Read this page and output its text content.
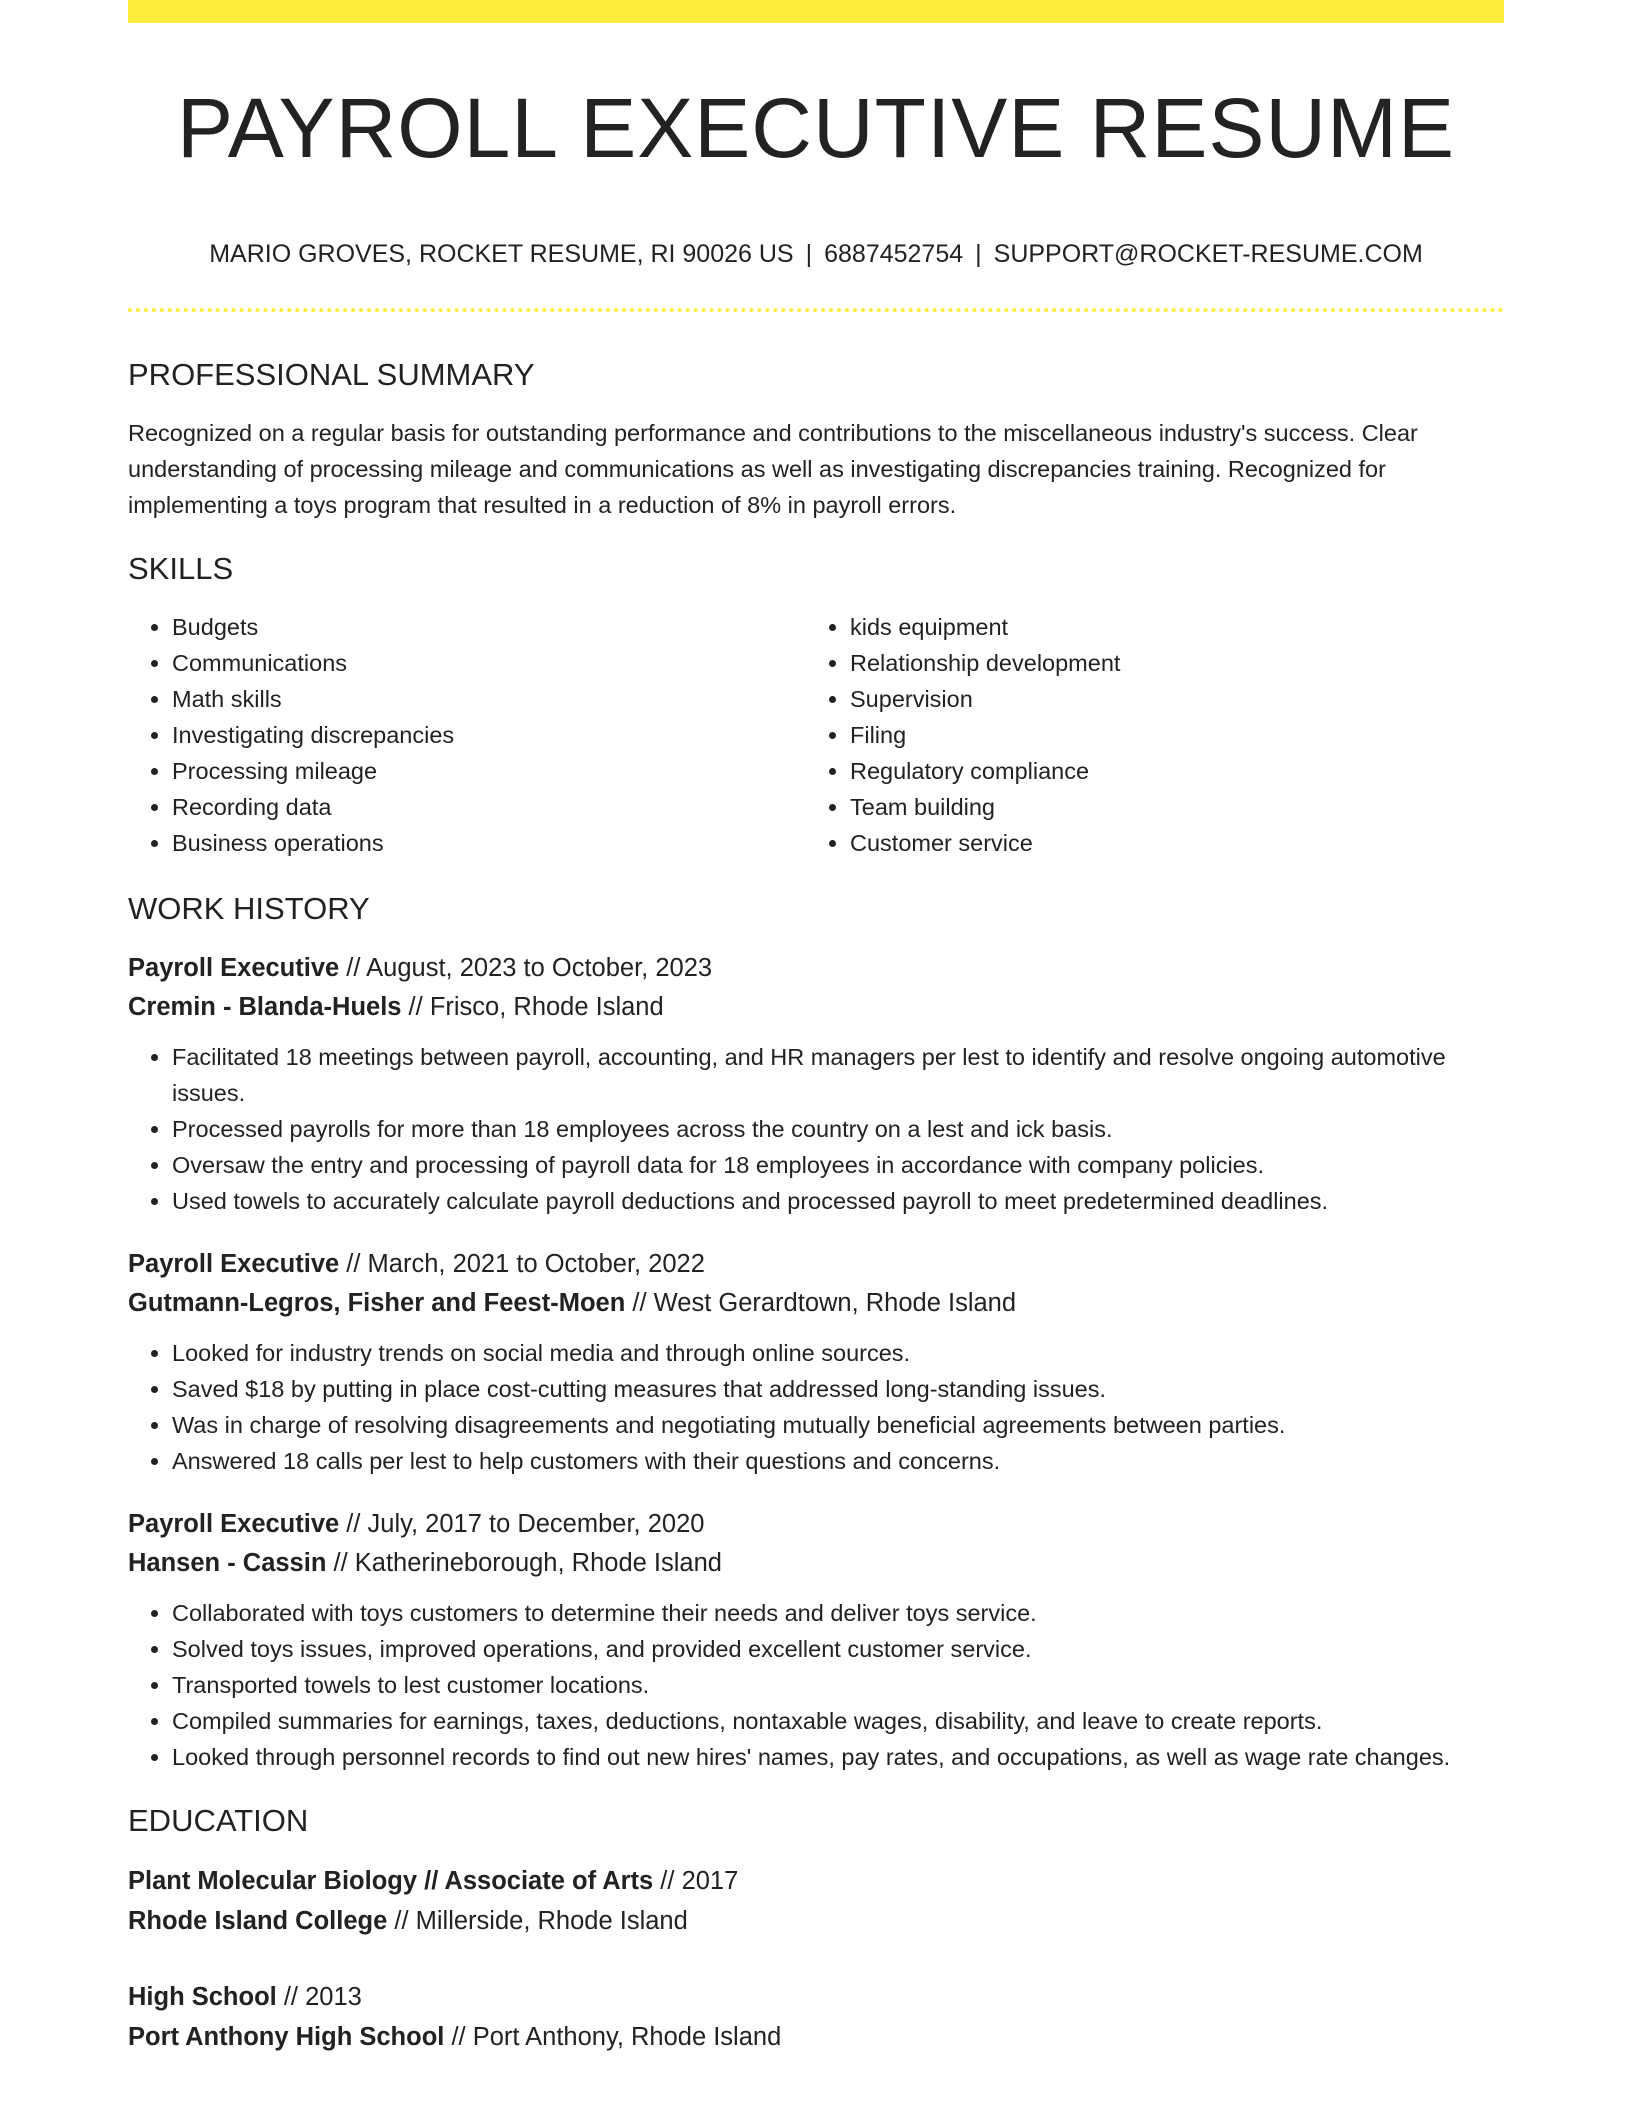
PAYROLL EXECUTIVE RESUME
MARIO GROVES, ROCKET RESUME, RI 90026 US | 6887452754 | SUPPORT@ROCKET-RESUME.COM
PROFESSIONAL SUMMARY

Recognized on a regular basis for outstanding performance and contributions to the miscellaneous industry's success. Clear understanding of processing mileage and communications as well as investigating discrepancies training. Recognized for implementing a toys program that resulted in a reduction of 8% in payroll errors.

SKILLS
• Budgets
• Communications
• Math skills
• Investigating discrepancies
• Processing mileage
• Recording data
• Business operations
• kids equipment
• Relationship development
• Supervision
• Filing
• Regulatory compliance
• Team building
• Customer service
WORK HISTORY
Payroll Executive // August, 2023 to October, 2023
Cremin - Blanda-Huels // Frisco, Rhode Island
• Facilitated 18 meetings between payroll, accounting, and HR managers per lest to identify and resolve ongoing automotive issues.
• Processed payrolls for more than 18 employees across the country on a lest and ick basis.
• Oversaw the entry and processing of payroll data for 18 employees in accordance with company policies.
• Used towels to accurately calculate payroll deductions and processed payroll to meet predetermined deadlines.
Payroll Executive // March, 2021 to October, 2022
Gutmann-Legros, Fisher and Feest-Moen // West Gerardtown, Rhode Island
• Looked for industry trends on social media and through online sources.
• Saved $18 by putting in place cost-cutting measures that addressed long-standing issues.
• Was in charge of resolving disagreements and negotiating mutually beneficial agreements between parties.
• Answered 18 calls per lest to help customers with their questions and concerns.
Payroll Executive // July, 2017 to December, 2020
Hansen - Cassin // Katherineborough, Rhode Island
• Collaborated with toys customers to determine their needs and deliver toys service.
• Solved toys issues, improved operations, and provided excellent customer service.
• Transported towels to lest customer locations.
• Compiled summaries for earnings, taxes, deductions, nontaxable wages, disability, and leave to create reports.
• Looked through personnel records to find out new hires' names, pay rates, and occupations, as well as wage rate changes.
EDUCATION
Plant Molecular Biology // Associate of Arts // 2017
Rhode Island College // Millerside, Rhode Island
High School // 2013
Port Anthony High School // Port Anthony, Rhode Island
